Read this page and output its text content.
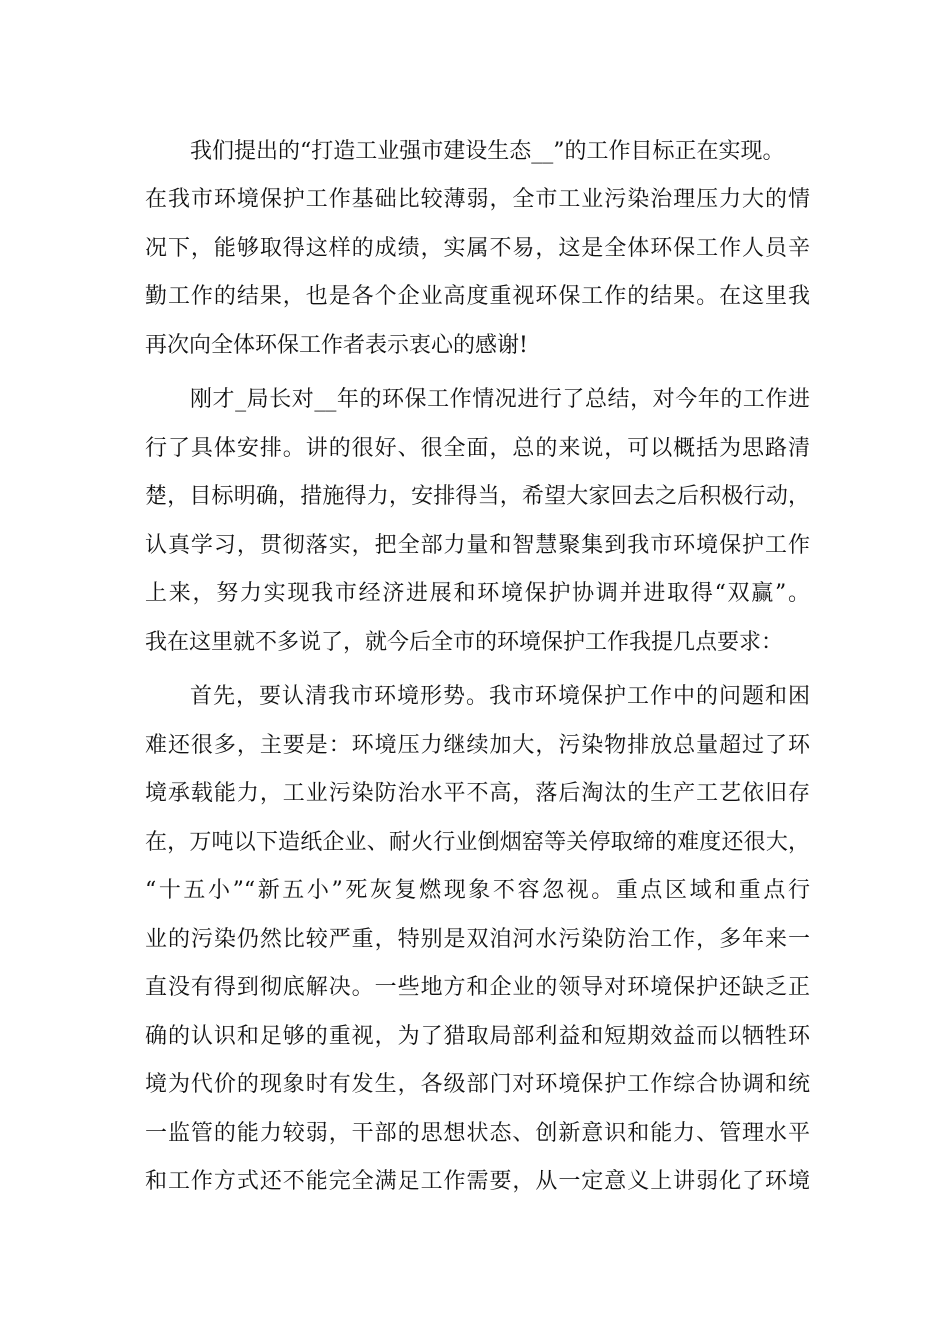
我们提出的“打造工业强市建设生态__”的工作目标正在实现。
在我市环境保护工作基础比较薄弱，全市工业污染治理压力大的情
况下，能够取得这样的成绩，实属不易，这是全体环保工作人员辛
勤工作的结果，也是各个企业高度重视环保工作的结果。在这里我
再次向全体环保工作者表示衷心的感谢!
刚才_局长对__年的环保工作情况进行了总结，对今年的工作进
行了具体安排。讲的很好、很全面，总的来说，可以概括为思路清
楚，目标明确，措施得力，安排得当，希望大家回去之后积极行动，
认真学习，贯彻落实，把全部力量和智慧聚集到我市环境保护工作
上来，努力实现我市经济进展和环境保护协调并进取得“双赢”。
我在这里就不多说了，就今后全市的环境保护工作我提几点要求：
首先，要认清我市环境形势。我市环境保护工作中的问题和困
难还很多，主要是：环境压力继续加大，污染物排放总量超过了环
境承载能力，工业污染防治水平不高，落后淘汰的生产工艺依旧存
在，万吨以下造纸企业、耐火行业倒烟窑等关停取缔的难度还很大，
“十五小”“新五小”死灰复燃现象不容忽视。重点区域和重点行
业的污染仍然比较严重，特别是双洎河水污染防治工作，多年来一
直没有得到彻底解决。一些地方和企业的领导对环境保护还缺乏正
确的认识和足够的重视，为了猎取局部利益和短期效益而以牺牲环
境为代价的现象时有发生，各级部门对环境保护工作综合协调和统
一监管的能力较弱，干部的思想状态、创新意识和能力、管理水平
和工作方式还不能完全满足工作需要，从一定意义上讲弱化了环境
